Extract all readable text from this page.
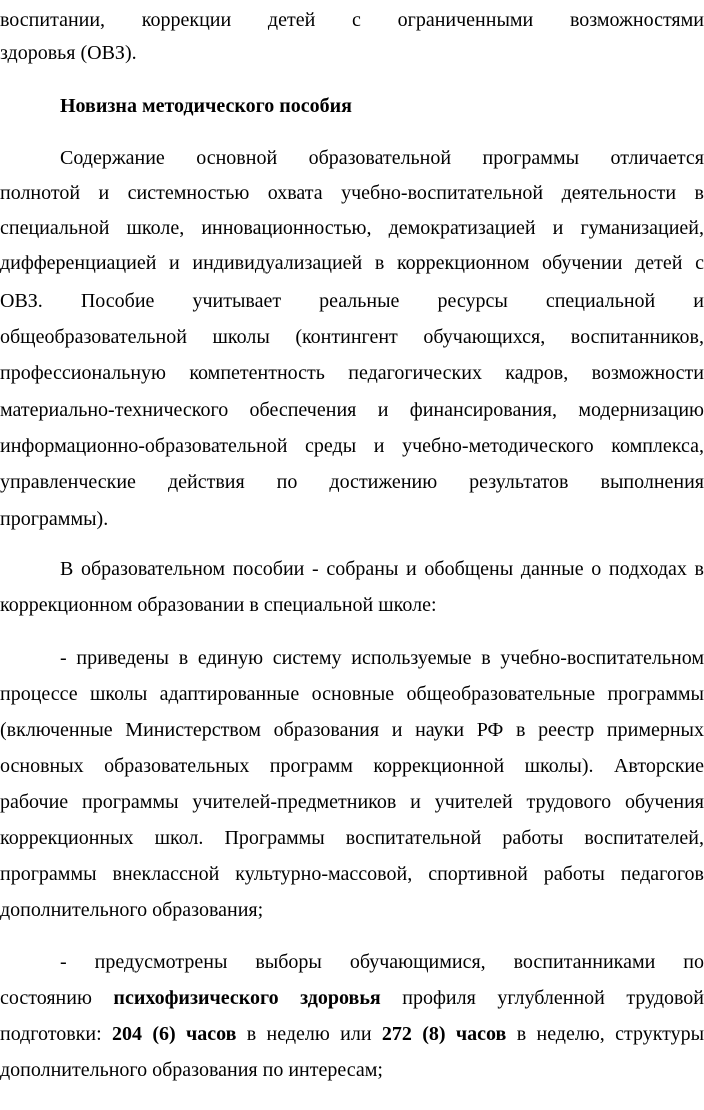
воспитании, коррекции детей с ограниченными возможностями
здоровья (ОВЗ).
Новизна методического пособия
Содержание основной образовательной программы отличается
полнотой и системностью охвата учебно-воспитательной деятельности в
специальной школе, инновационностью, демократизацией и гуманизацией,
дифференциацией и индивидуализацией в коррекционном обучении детей с
ОВЗ. Пособие учитывает реальные ресурсы специальной и
общеобразовательной школы (контингент обучающихся, воспитанников,
профессиональную компетентность педагогических кадров, возможности
материально-технического обеспечения и финансирования, модернизацию
информационно-образовательной среды и учебно-методического комплекса,
управленческие действия по достижению результатов выполнения
программы).
В образовательном пособии - собраны и обобщены данные о подходах в
коррекционном образовании в специальной школе:
- приведены в единую систему используемые в учебно-воспитательном
процессе школы адаптированные основные общеобразовательные программы
(включенные Министерством образования и науки РФ в реестр примерных
основных образовательных программ коррекционной школы). Авторские
рабочие программы учителей-предметников и учителей трудового обучения
коррекционных школ. Программы воспитательной работы воспитателей,
программы внеклассной культурно-массовой, спортивной работы педагогов
дополнительного образования;
- предусмотрены выборы обучающимися, воспитанниками по
состоянию психофизического здоровья профиля углубленной трудовой
подготовки: 204 (6) часов в неделю или 272 (8) часов в неделю, структуры
дополнительного образования по интересам;
